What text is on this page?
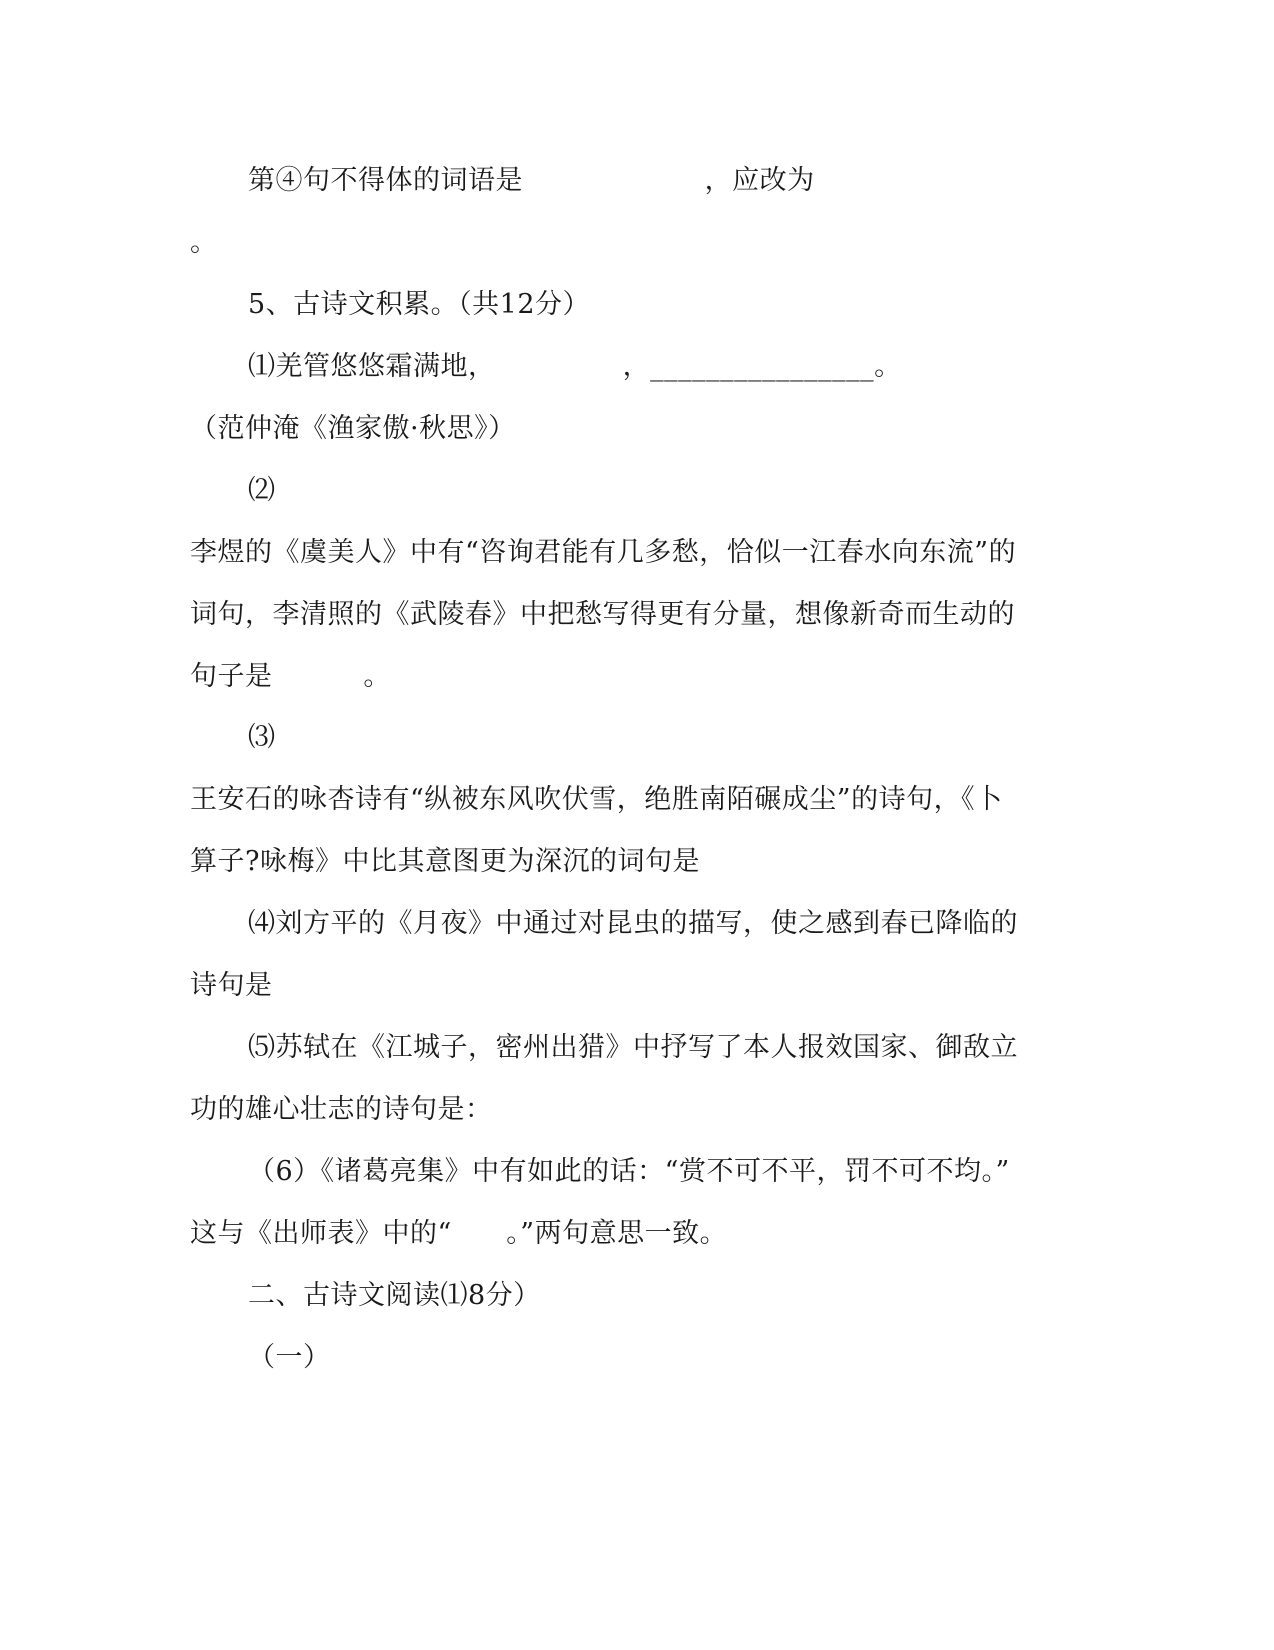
第④句不得体的词语是                    ，应改为
。
5、古诗文积累。（共12分）
⑴羌管悠悠霜满地，              ，________________。
（范仲淹《渔家傲·秋思》）
⑵
李煜的《虞美人》中有“咨询君能有几多愁，恰似一江春水向东流”的
词句，李清照的《武陵春》中把愁写得更有分量，想像新奇而生动的
句子是          。
⑶
王安石的咏杏诗有“纵被东风吹伏雪，绝胜南陌碾成尘”的诗句，《卜
算子?咏梅》中比其意图更为深沉的词句是
⑷刘方平的《月夜》中通过对昆虫的描写，使之感到春已降临的
诗句是
⑸苏轼在《江城子，密州出猎》中抒写了本人报效国家、御敌立
功的雄心壮志的诗句是：
（6）《诸葛亮集》中有如此的话：“赏不可不平，罚不可不均。”
这与《出师表》中的“      。”两句意思一致。
二、古诗文阅读⑴8分）
（一）
